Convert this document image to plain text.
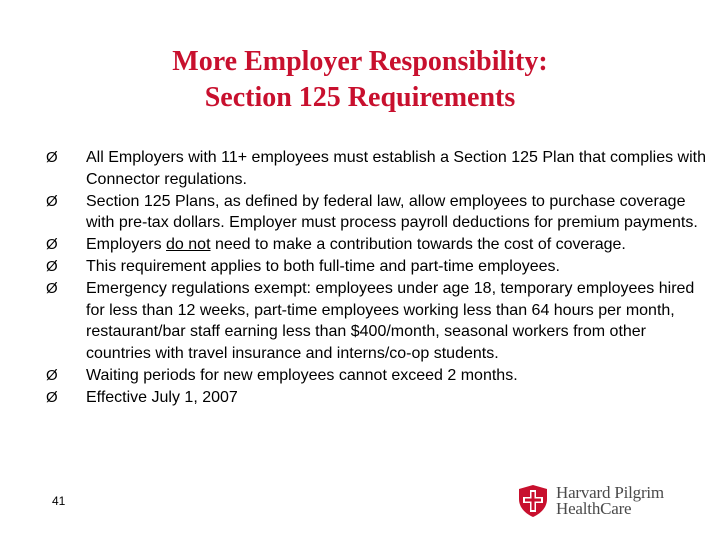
More Employer Responsibility:
Section 125 Requirements
Ø	All Employers with 11+ employees must establish a Section 125 Plan that complies with Connector regulations.
Ø	Section 125 Plans, as defined by federal law, allow employees to purchase coverage with pre-tax dollars. Employer must process payroll deductions for premium payments.
Ø	Employers do not need to make a contribution towards the cost of coverage.
Ø	This requirement applies to both full-time and part-time employees.
Ø	Emergency regulations exempt: employees under age 18, temporary employees hired for less than 12 weeks, part-time employees working less than 64 hours per month, restaurant/bar staff earning less than $400/month, seasonal workers from other countries with travel insurance and interns/co-op students.
Ø	Waiting periods for new employees cannot exceed 2 months.
Ø	Effective July 1, 2007
41	Harvard Pilgrim
HealthCare
